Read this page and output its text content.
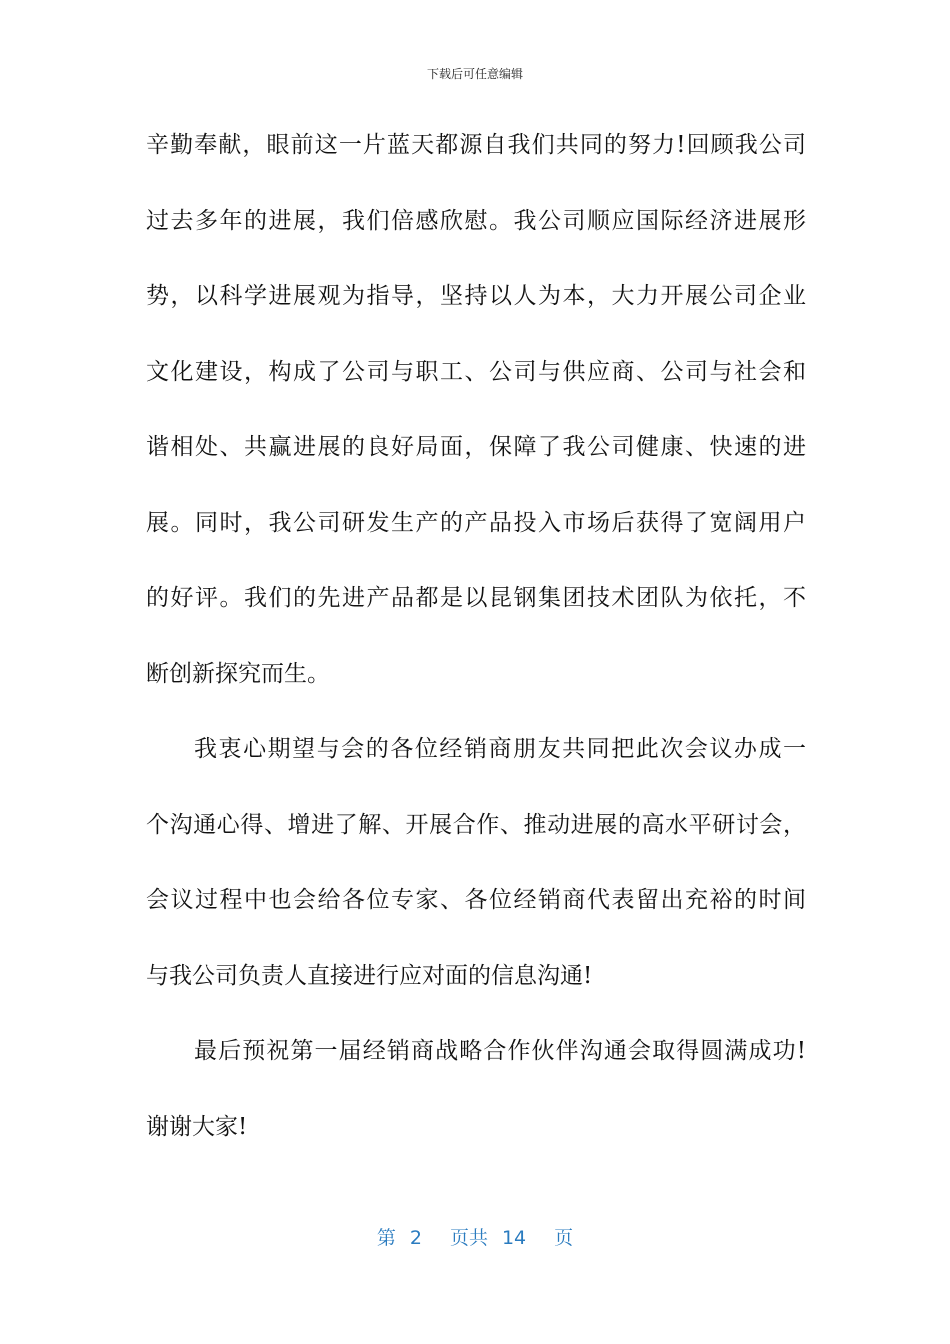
下载后可任意编辑
辛勤奉献，眼前这一片蓝天都源自我们共同的努力!回顾我公司
过去多年的进展，我们倍感欣慰。我公司顺应国际经济进展形
势，以科学进展观为指导，坚持以人为本，大力开展公司企业
文化建设，构成了公司与职工、公司与供应商、公司与社会和
谐相处、共赢进展的良好局面，保障了我公司健康、快速的进
展。同时，我公司研发生产的产品投入市场后获得了宽阔用户
的好评。我们的先进产品都是以昆钢集团技术团队为依托，不
断创新探究而生。
我衷心期望与会的各位经销商朋友共同把此次会议办成一
个沟通心得、增进了解、开展合作、推动进展的高水平研讨会，
会议过程中也会给各位专家、各位经销商代表留出充裕的时间
与我公司负责人直接进行应对面的信息沟通!
最后预祝第一届经销商战略合作伙伴沟通会取得圆满成功!
谢谢大家!
第 2 页共 14 页
